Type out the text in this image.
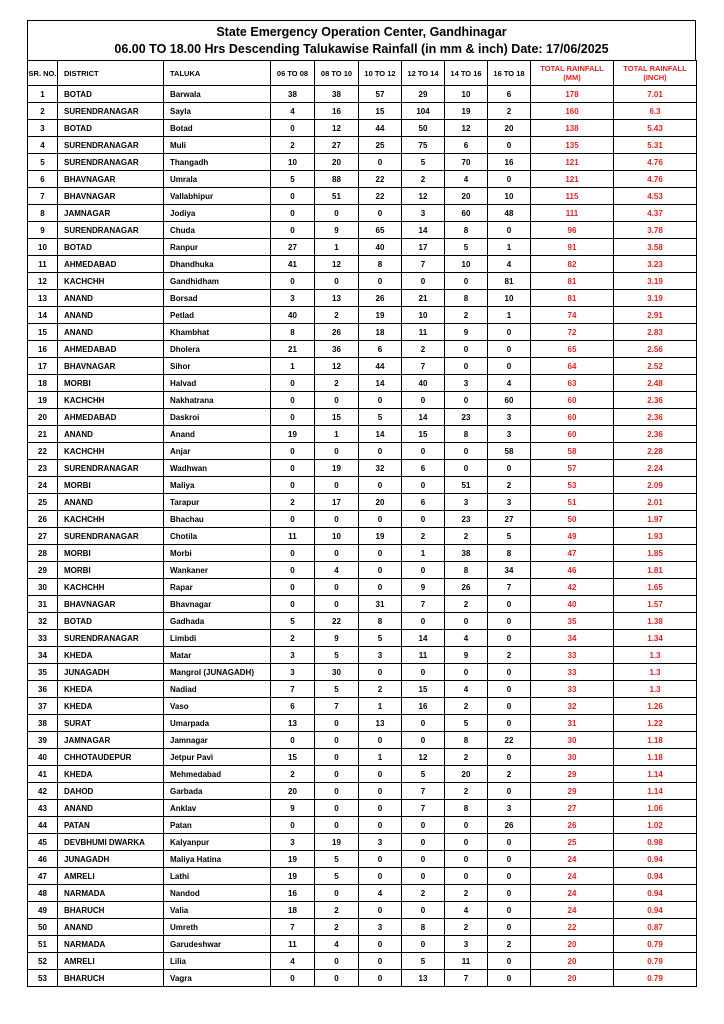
State Emergency Operation Center, Gandhinagar
06.00 TO 18.00 Hrs Descending Talukawise Rainfall (in mm & inch) Date: 17/06/2025
SR. NO.	DISTRICT	TALUKA	06 TO 08	08 TO 10	10 TO 12	12 TO 14	14 TO 16	16 TO 18	TOTAL RAINFALL (MM)	TOTAL RAINFALL (INCH)
1	BOTAD	Barwala	38	38	57	29	10	6	178	7.01
2	SURENDRANAGAR	Sayla	4	16	15	104	19	2	160	6.3
3	BOTAD	Botad	0	12	44	50	12	20	138	5.43
4	SURENDRANAGAR	Muli	2	27	25	75	6	0	135	5.31
5	SURENDRANAGAR	Thangadh	10	20	0	5	70	16	121	4.76
6	BHAVNAGAR	Umrala	5	88	22	2	4	0	121	4.76
7	BHAVNAGAR	Vallabhipur	0	51	22	12	20	10	115	4.53
8	JAMNAGAR	Jodiya	0	0	0	3	60	48	111	4.37
9	SURENDRANAGAR	Chuda	0	9	65	14	8	0	96	3.78
10	BOTAD	Ranpur	27	1	40	17	5	1	91	3.58
11	AHMEDABAD	Dhandhuka	41	12	8	7	10	4	82	3.23
12	KACHCHH	Gandhidham	0	0	0	0	0	81	81	3.19
13	ANAND	Borsad	3	13	26	21	8	10	81	3.19
14	ANAND	Petlad	40	2	19	10	2	1	74	2.91
15	ANAND	Khambhat	8	26	18	11	9	0	72	2.83
16	AHMEDABAD	Dholera	21	36	6	2	0	0	65	2.56
17	BHAVNAGAR	Sihor	1	12	44	7	0	0	64	2.52
18	MORBI	Halvad	0	2	14	40	3	4	63	2.48
19	KACHCHH	Nakhatrana	0	0	0	0	0	60	60	2.36
20	AHMEDABAD	Daskroi	0	15	5	14	23	3	60	2.36
21	ANAND	Anand	19	1	14	15	8	3	60	2.36
22	KACHCHH	Anjar	0	0	0	0	0	58	58	2.28
23	SURENDRANAGAR	Wadhwan	0	19	32	6	0	0	57	2.24
24	MORBI	Maliya	0	0	0	0	51	2	53	2.09
25	ANAND	Tarapur	2	17	20	6	3	3	51	2.01
26	KACHCHH	Bhachau	0	0	0	0	23	27	50	1.97
27	SURENDRANAGAR	Chotila	11	10	19	2	2	5	49	1.93
28	MORBI	Morbi	0	0	0	1	38	8	47	1.85
29	MORBI	Wankaner	0	4	0	0	8	34	46	1.81
30	KACHCHH	Rapar	0	0	0	9	26	7	42	1.65
31	BHAVNAGAR	Bhavnagar	0	0	31	7	2	0	40	1.57
32	BOTAD	Gadhada	5	22	8	0	0	0	35	1.38
33	SURENDRANAGAR	Limbdi	2	9	5	14	4	0	34	1.34
34	KHEDA	Matar	3	5	3	11	9	2	33	1.3
35	JUNAGADH	Mangrol (JUNAGADH)	3	30	0	0	0	0	33	1.3
36	KHEDA	Nadiad	7	5	2	15	4	0	33	1.3
37	KHEDA	Vaso	6	7	1	16	2	0	32	1.26
38	SURAT	Umarpada	13	0	13	0	5	0	31	1.22
39	JAMNAGAR	Jamnagar	0	0	0	0	8	22	30	1.18
40	CHHOTAUDEPUR	Jetpur Pavi	15	0	1	12	2	0	30	1.18
41	KHEDA	Mehmedabad	2	0	0	5	20	2	29	1.14
42	DAHOD	Garbada	20	0	0	7	2	0	29	1.14
43	ANAND	Anklav	9	0	0	7	8	3	27	1.06
44	PATAN	Patan	0	0	0	0	0	26	26	1.02
45	DEVBHUMI DWARKA	Kalyanpur	3	19	3	0	0	0	25	0.98
46	JUNAGADH	Maliya Hatina	19	5	0	0	0	0	24	0.94
47	AMRELI	Lathi	19	5	0	0	0	0	24	0.94
48	NARMADA	Nandod	16	0	4	2	2	0	24	0.94
49	BHARUCH	Valia	18	2	0	0	4	0	24	0.94
50	ANAND	Umreth	7	2	3	8	2	0	22	0.87
51	NARMADA	Garudeshwar	11	4	0	0	3	2	20	0.79
52	AMRELI	Lilia	4	0	0	5	11	0	20	0.79
53	BHARUCH	Vagra	0	0	0	13	7	0	20	0.79
